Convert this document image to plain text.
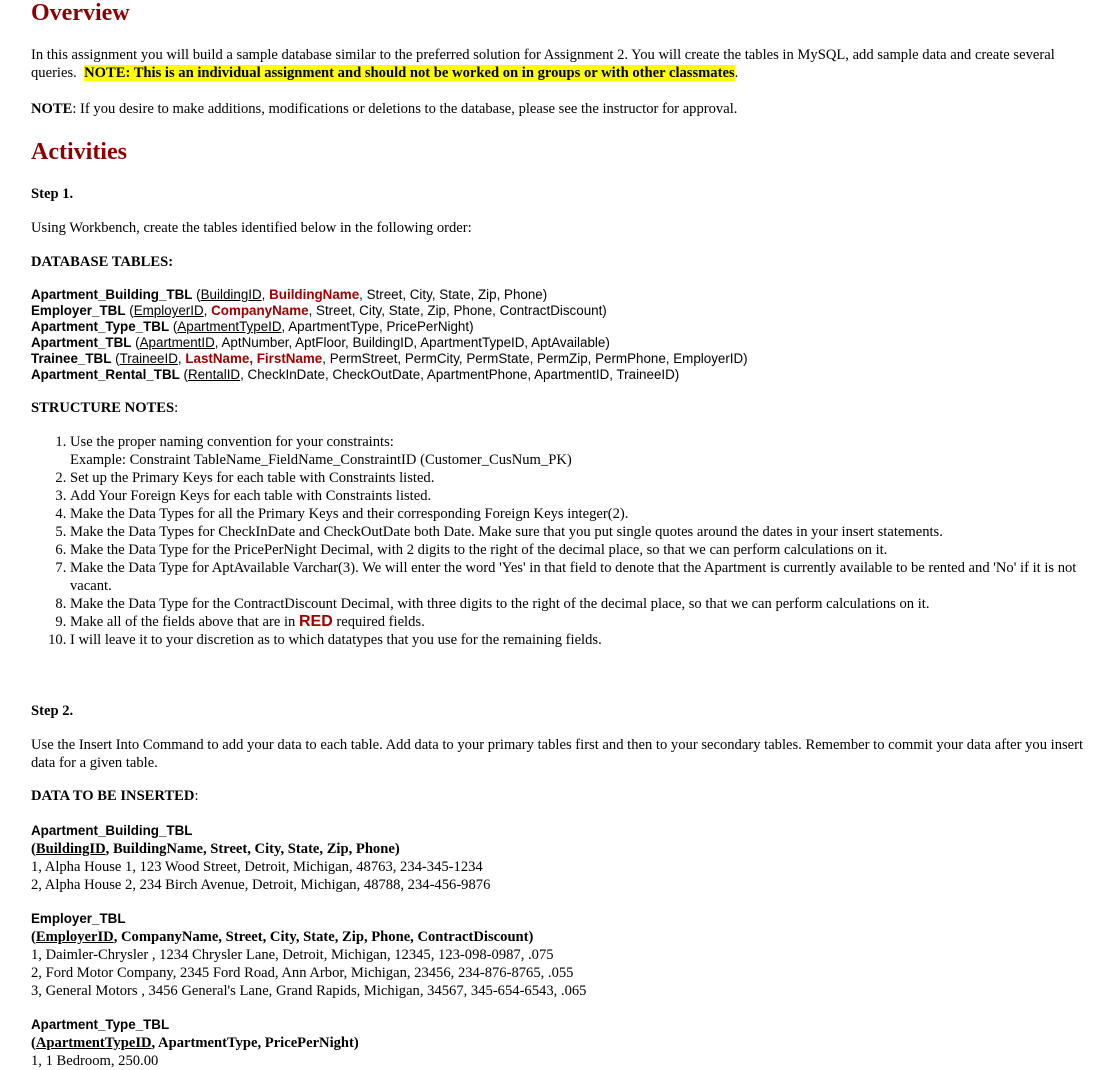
Overview
In this assignment you will build a sample database similar to the preferred solution for Assignment 2. You will create the tables in MySQL, add sample data and create several queries. NOTE: This is an individual assignment and should not be worked on in groups or with other classmates.
NOTE: If you desire to make additions, modifications or deletions to the database, please see the instructor for approval.
Activities
Step 1.
Using Workbench, create the tables identified below in the following order:
DATABASE TABLES:
Apartment_Building_TBL (BuildingID, BuildingName, Street, City, State, Zip, Phone)
Employer_TBL (EmployerID, CompanyName, Street, City, State, Zip, Phone, ContractDiscount)
Apartment_Type_TBL (ApartmentTypeID, ApartmentType, PricePerNight)
Apartment_TBL (ApartmentID, AptNumber, AptFloor, BuildingID, ApartmentTypeID, AptAvailable)
Trainee_TBL (TraineeID, LastName, FirstName, PermStreet, PermCity, PermState, PermZip, PermPhone, EmployerID)
Apartment_Rental_TBL (RentalID, CheckInDate, CheckOutDate, ApartmentPhone, ApartmentID, TraineeID)
STRUCTURE NOTES:
1. Use the proper naming convention for your constraints:
Example: Constraint TableName_FieldName_ConstraintID (Customer_CusNum_PK)
2. Set up the Primary Keys for each table with Constraints listed.
3. Add Your Foreign Keys for each table with Constraints listed.
4. Make the Data Types for all the Primary Keys and their corresponding Foreign Keys integer(2).
5. Make the Data Types for CheckInDate and CheckOutDate both Date. Make sure that you put single quotes around the dates in your insert statements.
6. Make the Data Type for the PricePerNight Decimal, with 2 digits to the right of the decimal place, so that we can perform calculations on it.
7. Make the Data Type for AptAvailable Varchar(3). We will enter the word 'Yes' in that field to denote that the Apartment is currently available to be rented and 'No' if it is not vacant.
8. Make the Data Type for the ContractDiscount Decimal, with three digits to the right of the decimal place, so that we can perform calculations on it.
9. Make all of the fields above that are in RED required fields.
10. I will leave it to your discretion as to which datatypes that you use for the remaining fields.
Step 2.
Use the Insert Into Command to add your data to each table. Add data to your primary tables first and then to your secondary tables. Remember to commit your data after you insert data for a given table.
DATA TO BE INSERTED:
Apartment_Building_TBL
(BuildingID, BuildingName, Street, City, State, Zip, Phone)
1, Alpha House 1, 123 Wood Street, Detroit, Michigan, 48763, 234-345-1234
2, Alpha House 2, 234 Birch Avenue, Detroit, Michigan, 48788, 234-456-9876
Employer_TBL
(EmployerID, CompanyName, Street, City, State, Zip, Phone, ContractDiscount)
1, Daimler-Chrysler , 1234 Chrysler Lane, Detroit, Michigan, 12345, 123-098-0987, .075
2, Ford Motor Company, 2345 Ford Road, Ann Arbor, Michigan, 23456, 234-876-8765, .055
3, General Motors , 3456 General's Lane, Grand Rapids, Michigan, 34567, 345-654-6543, .065
Apartment_Type_TBL
(ApartmentTypeID, ApartmentType, PricePerNight)
1, 1 Bedroom, 250.00
